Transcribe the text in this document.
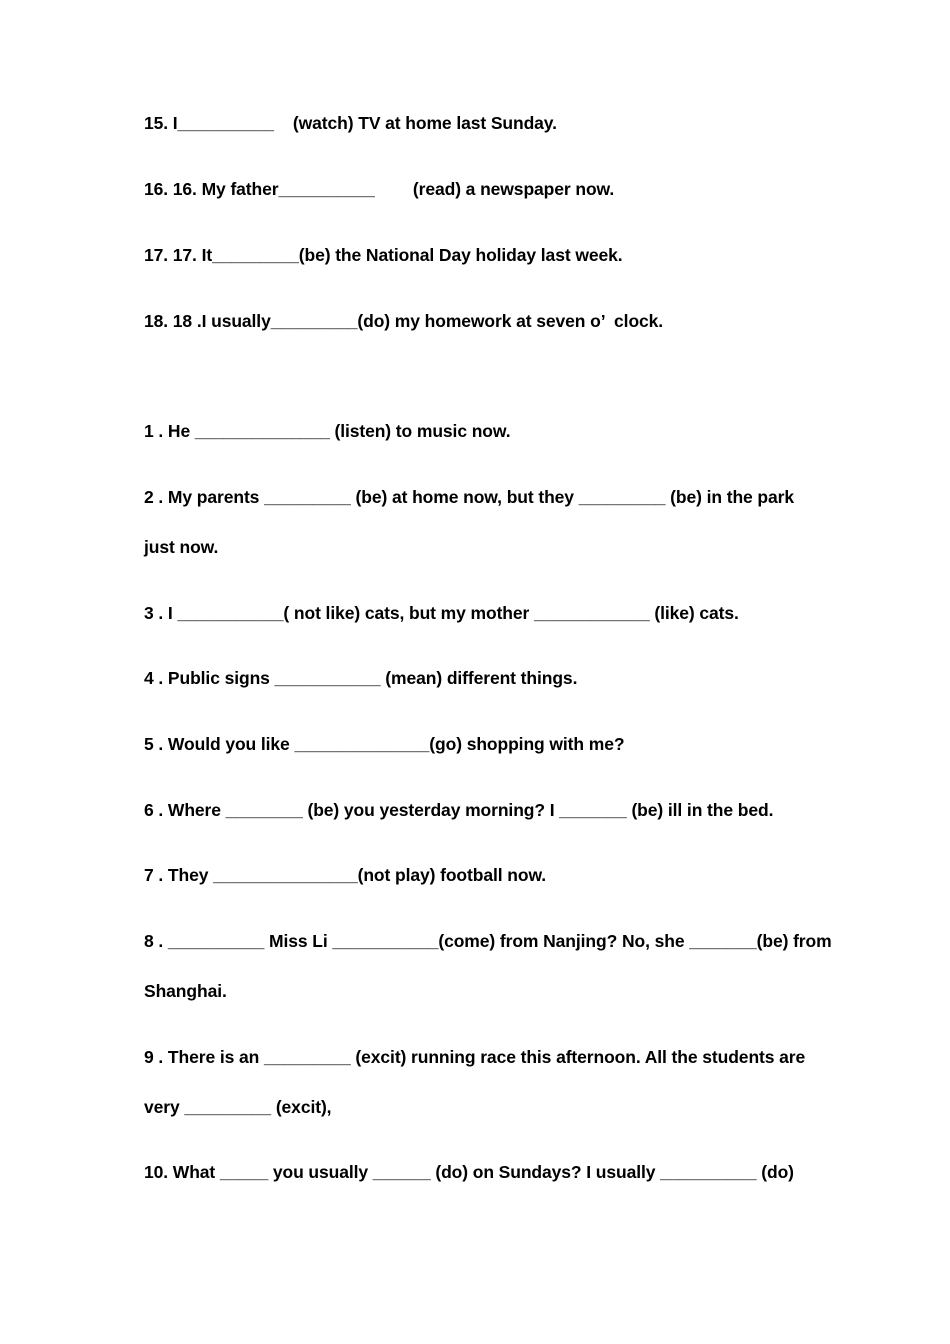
15. I__________    (watch) TV at home last Sunday.
16. 16. My father__________        (read) a newspaper now.
17. 17. It_________(be) the National Day holiday last week.
18. 18 .I usually_________(do) my homework at seven o’  clock.
1 . He ______________ (listen) to music now.
2 . My parents _________ (be) at home now, but they _________ (be) in the park
just now.
3 . I ___________( not like) cats, but my mother ____________ (like) cats.
4 . Public signs ___________ (mean) different things.
5 . Would you like ______________(go) shopping with me?
6 . Where ________ (be) you yesterday morning? I _______ (be) ill in the bed.
7 . They _______________(not play) football now.
8 . __________ Miss Li ___________(come) from Nanjing? No, she _______(be) from
Shanghai.
9 . There is an _________ (excit) running race this afternoon. All the students are
very _________ (excit),
10. What _____ you usually ______ (do) on Sundays? I usually __________ (do)
